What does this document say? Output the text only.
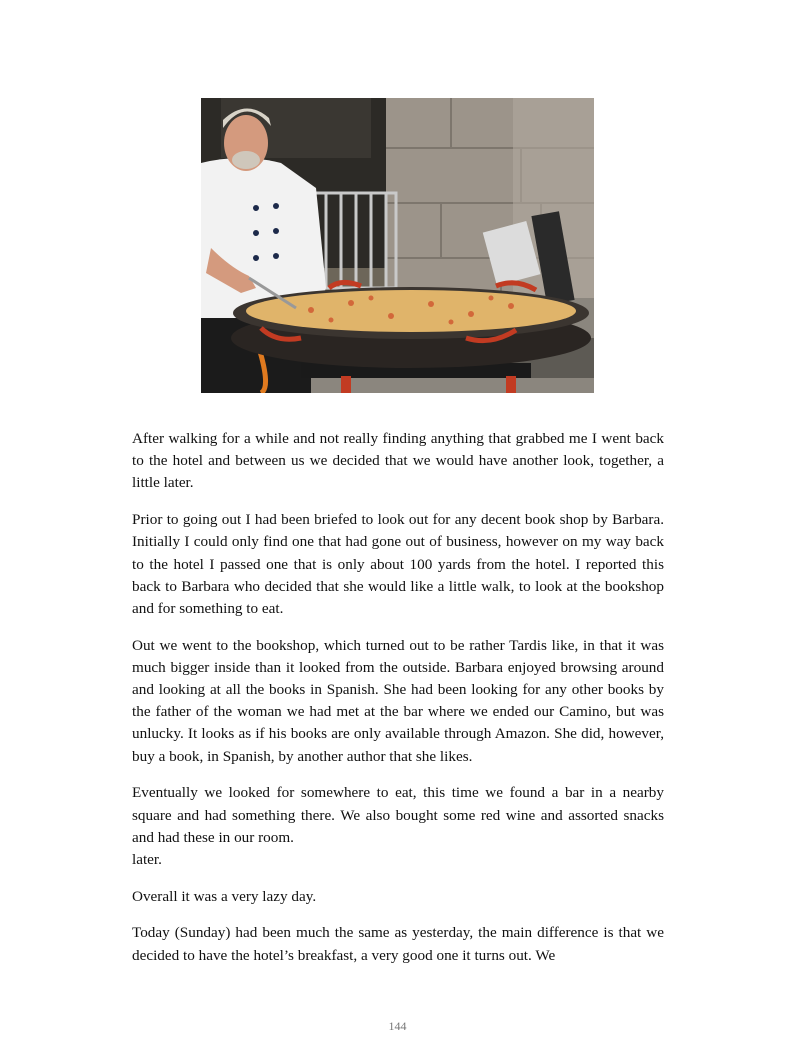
After walking for a while and not really finding anything that grabbed me I went back to the hotel and between us we decided that we would have another look, together, a little later.

Prior to going out I had been briefed to look out for any decent book shop by Barbara. Initially I could only find one that had gone out of business, however on my way back to the hotel I passed one that is only about 100 yards from the hotel. I reported this back to Barbara who decided that she would like a little walk, to look at the bookshop and for something to eat.

Out we went to the bookshop, which turned out to be rather Tardis like, in that it was much bigger inside than it looked from the outside. Barbara enjoyed browsing around and looking at all the books in Spanish. She had been looking for any other books by the father of the woman we had met at the bar where we ended our Camino, but was unlucky. It looks as if his books are only available through Amazon. She did, however, buy a book, in Spanish, by another author that she likes.

Eventually we looked for somewhere to eat, this time we found a bar in a nearby square and had something there. We also bought some red wine and assorted snacks and had these in our room.

later.

Overall it was a very lazy day.

Today (Sunday) had been much the same as yesterday, the main difference is that we decided to have the hotel’s breakfast, a very good one it turns out. We

144
